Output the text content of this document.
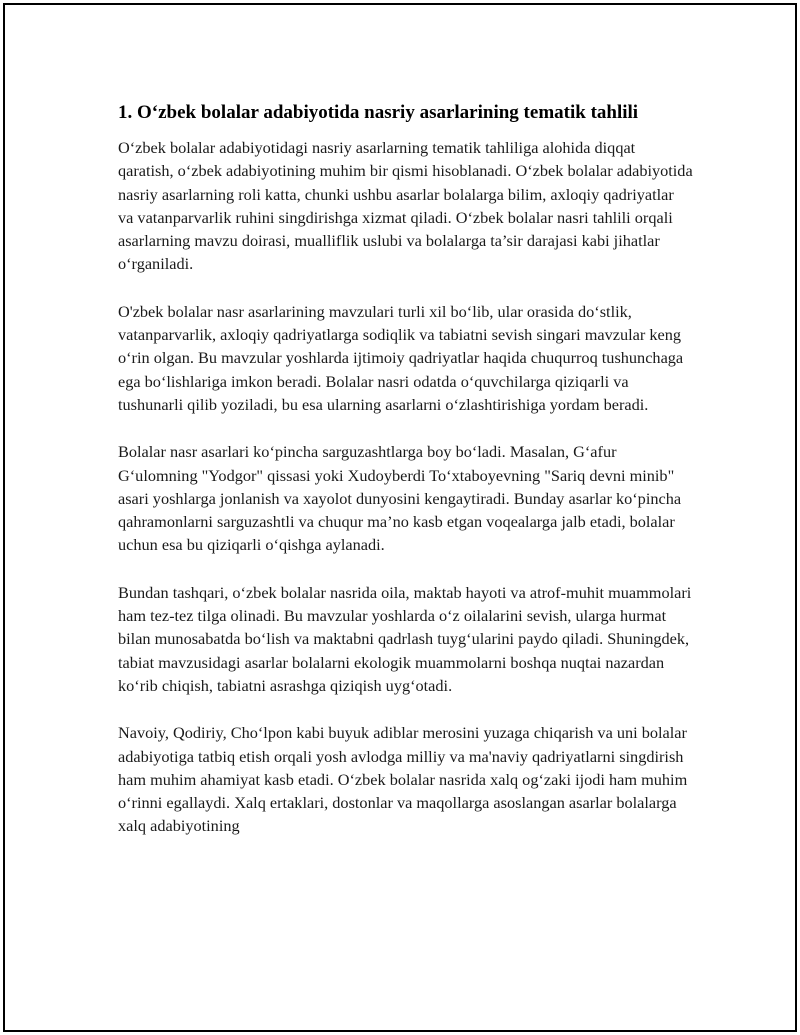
1. O‘zbek bolalar adabiyotida nasriy asarlarining tematik tahlili

O‘zbek bolalar adabiyotidagi nasriy asarlarning tematik tahliliga alohida diqqat qaratish, o‘zbek adabiyotining muhim bir qismi hisoblanadi. O‘zbek bolalar adabiyotida nasriy asarlarning roli katta, chunki ushbu asarlar bolalarga bilim, axloqiy qadriyatlar va vatanparvarlik ruhini singdirishga xizmat qiladi. O‘zbek bolalar nasri tahlili orqali asarlarning mavzu doirasi, mualliflik uslubi va bolalarga ta’sir darajasi kabi jihatlar o‘rganiladi.

O'zbek bolalar nasr asarlarining mavzulari turli xil bo‘lib, ular orasida do‘stlik, vatanparvarlik, axloqiy qadriyatlarga sodiqlik va tabiatni sevish singari mavzular keng o‘rin olgan. Bu mavzular yoshlarda ijtimoiy qadriyatlar haqida chuqurroq tushunchaga ega bo‘lishlariga imkon beradi. Bolalar nasri odatda o‘quvchilarga qiziqarli va tushunarli qilib yoziladi, bu esa ularning asarlarni o‘zlashtirishiga yordam beradi.

Bolalar nasr asarlari ko‘pincha sarguzashtlarga boy bo‘ladi. Masalan, G‘afur G‘ulomning "Yodgor" qissasi yoki Xudoyberdi To‘xtaboyevning "Sariq devni minib" asari yoshlarga jonlanish va xayolot dunyosini kengaytiradi. Bunday asarlar ko‘pincha qahramonlarni sarguzashtli va chuqur ma’no kasb etgan voqealarga jalb etadi, bolalar uchun esa bu qiziqarli o‘qishga aylanadi.

Bundan tashqari, o‘zbek bolalar nasrida oila, maktab hayoti va atrof-muhit muammolari ham tez-tez tilga olinadi. Bu mavzular yoshlarda o‘z oilalarini sevish, ularga hurmat bilan munosabatda bo‘lish va maktabni qadrlash tuyg‘ularini paydo qiladi. Shuningdek, tabiat mavzusidagi asarlar bolalarni ekologik muammolarni boshqa nuqtai nazardan ko‘rib chiqish, tabiatni asrashga qiziqish uyg‘otadi.

Navoiy, Qodiriy, Cho‘lpon kabi buyuk adiblar merosini yuzaga chiqarish va uni bolalar adabiyotiga tatbiq etish orqali yosh avlodga milliy va ma'naviy qadriyatlarni singdirish ham muhim ahamiyat kasb etadi. O‘zbek bolalar nasrida xalq og‘zaki ijodi ham muhim o‘rinni egallaydi. Xalq ertaklari, dostonlar va maqollarga asoslangan asarlar bolalarga xalq adabiyotining
